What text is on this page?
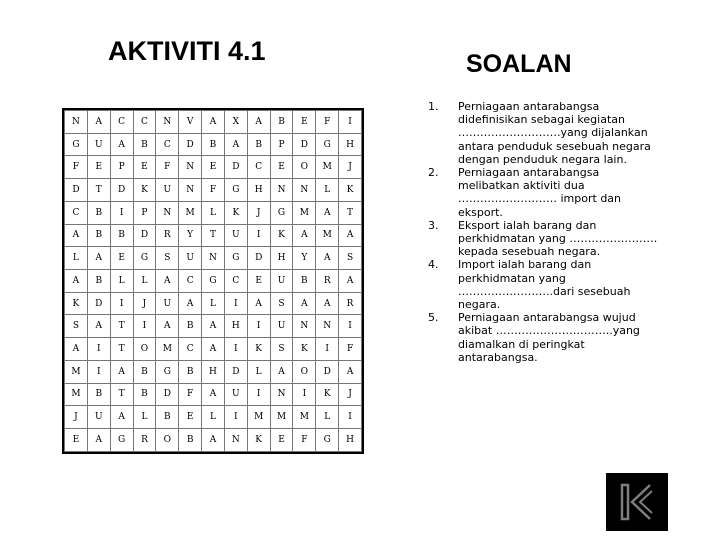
AKTIVITI 4.1	SOALAN
N	A	C	C	N	V	A	X	A	B	E	F	I
G	U	A	B	C	D	B	A	B	P	D	G	H
F	E	P	E	F	N	E	D	C	E	O	M	J
D	T	D	K	U	N	F	G	H	N	N	L	K
C	B	I	P	N	M	L	K	J	G	M	A	T
A	B	B	D	R	Y	T	U	I	K	A	M	A
L	A	E	G	S	U	N	G	D	H	Y	A	S
A	B	L	L	A	C	G	C	E	U	B	R	A
K	D	I	J	U	A	L	I	A	S	A	A	R
S	A	T	I	A	B	A	H	I	U	N	N	I
A	I	T	O	M	C	A	I	K	S	K	I	F
M	I	A	B	G	B	H	D	L	A	O	D	A
M	B	T	B	D	F	A	U	I	N	I	K	J
J	U	A	L	B	E	L	I	M	M	M	L	I
E	A	G	R	O	B	A	N	K	E	F	G	H
1.	Perniagaan antarabangsa didefinisikan sebagai kegiatan ……………………….yang dijalankan antara penduduk sesebuah negara dengan penduduk negara lain.
2.	Perniagaan antarabangsa melibatkan aktiviti dua ……………………… import dan eksport.
3.	Eksport ialah barang dan perkhidmatan yang ……………………kepada sesebuah negara.
4.	Import ialah barang dan perkhidmatan yang ……………………..dari sesebuah negara.
5.	Perniagaan antarabangsa wujud akibat …………………………..yang diamalkan di peringkat antarabangsa.
